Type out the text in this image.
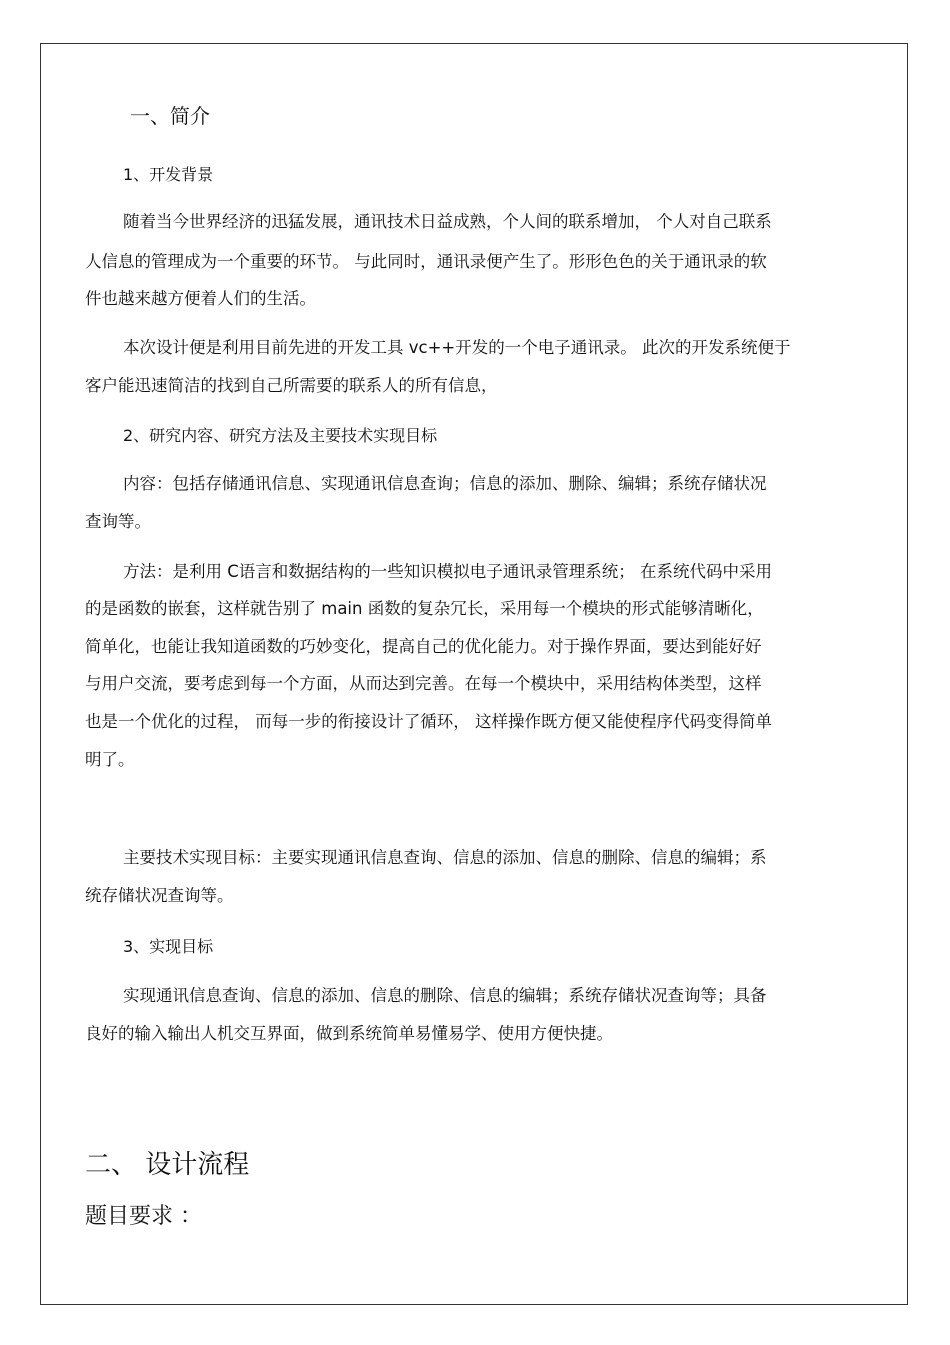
一、简介
1、开发背景
随着当今世界经济的迅猛发展，通讯技术日益成熟，个人间的联系增加， 个人对自己联系
人信息的管理成为一个重要的环节。 与此同时，通讯录便产生了。形形色色的关于通讯录的软
件也越来越方便着人们的生活。
本次设计便是利用目前先进的开发工具 vc++开发的一个电子通讯录。 此次的开发系统便于
客户能迅速简洁的找到自己所需要的联系人的所有信息，
2、研究内容、研究方法及主要技术实现目标
内容：包括存储通讯信息、实现通讯信息查询；信息的添加、删除、编辑；系统存储状况
查询等。
方法：是利用 C语言和数据结构的一些知识模拟电子通讯录管理系统； 在系统代码中采用
的是函数的嵌套，这样就告别了 main 函数的复杂冗长，采用每一个模块的形式能够清晰化，
简单化，也能让我知道函数的巧妙变化，提高自己的优化能力。对于操作界面，要达到能好好
与用户交流，要考虑到每一个方面，从而达到完善。在每一个模块中，采用结构体类型，这样
也是一个优化的过程， 而每一步的衔接设计了循环， 这样操作既方便又能使程序代码变得简单
明了。
主要技术实现目标：主要实现通讯信息查询、信息的添加、信息的删除、信息的编辑；系
统存储状况查询等。
3、实现目标
实现通讯信息查询、信息的添加、信息的删除、信息的编辑；系统存储状况查询等；具备
良好的输入输出人机交互界面，做到系统简单易懂易学、使用方便快捷。
二、 设计流程
题目要求 ：
